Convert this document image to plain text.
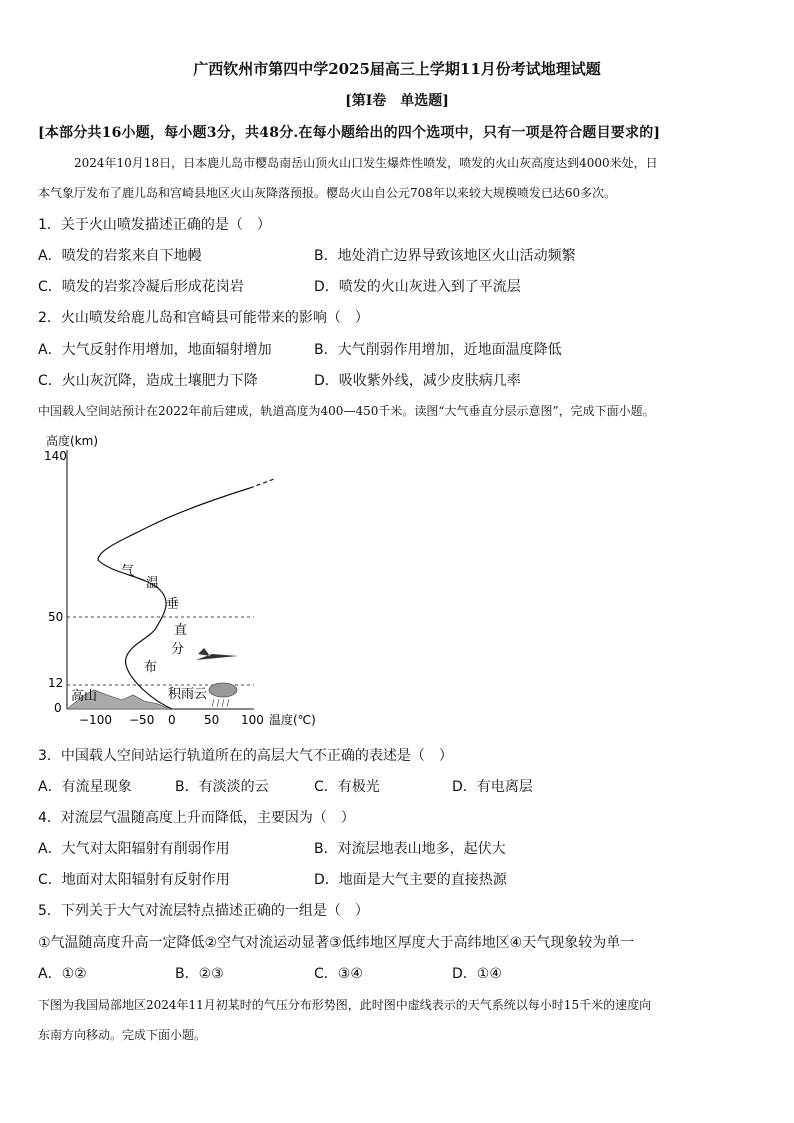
广西钦州市第四中学2025届高三上学期11月份考试地理试题
[第Ⅰ卷　单选题]
[本部分共16小题，每小题3分，共48分.在每小题给出的四个选项中，只有一项是符合题目要求的]
2024年10月18日，日本鹿儿岛市樱岛南岳山顶火山口发生爆炸性喷发，喷发的火山灰高度达到4000米处，日
本气象厅发布了鹿儿岛和宫崎县地区火山灰降落预报。樱岛火山自公元708年以来较大规模喷发已达60多次。
1．关于火山喷发描述正确的是（　）
A．喷发的岩浆来自下地幔	B．地处消亡边界导致该地区火山活动频繁
C．喷发的岩浆冷凝后形成花岗岩	D．喷发的火山灰进入到了平流层
2．火山喷发给鹿儿岛和宫崎县可能带来的影响（　）
A．大气反射作用增加，地面辐射增加	B．大气削弱作用增加，近地面温度降低
C．火山灰沉降，造成土壤肥力下降	D．吸收紫外线，减少皮肤病几率
中国载人空间站预计在2022年前后建成，轨道高度为400—450千米。读图“大气垂直分层示意图”，完成下面小题。
高度(km)
140
50
12
0
高山
气
温
垂
直
分
布
积雨云
−100 −50 0 50 100 温度(℃)
3．中国载人空间站运行轨道所在的高层大气不正确的表述是（　）
A．有流星现象	B．有淡淡的云	C．有极光	D．有电离层
4．对流层气温随高度上升而降低，主要因为（　）
A．大气对太阳辐射有削弱作用	B．对流层地表山地多，起伏大
C．地面对太阳辐射有反射作用	D．地面是大气主要的直接热源
5．下列关于大气对流层特点描述正确的一组是（　）
①气温随高度升高一定降低②空气对流运动显著③低纬地区厚度大于高纬地区④天气现象较为单一
A．①②	B．②③	C．③④	D．①④
下图为我国局部地区2024年11月初某时的气压分布形势图，此时图中虚线表示的天气系统以每小时15千米的速度向
东南方向移动。完成下面小题。
